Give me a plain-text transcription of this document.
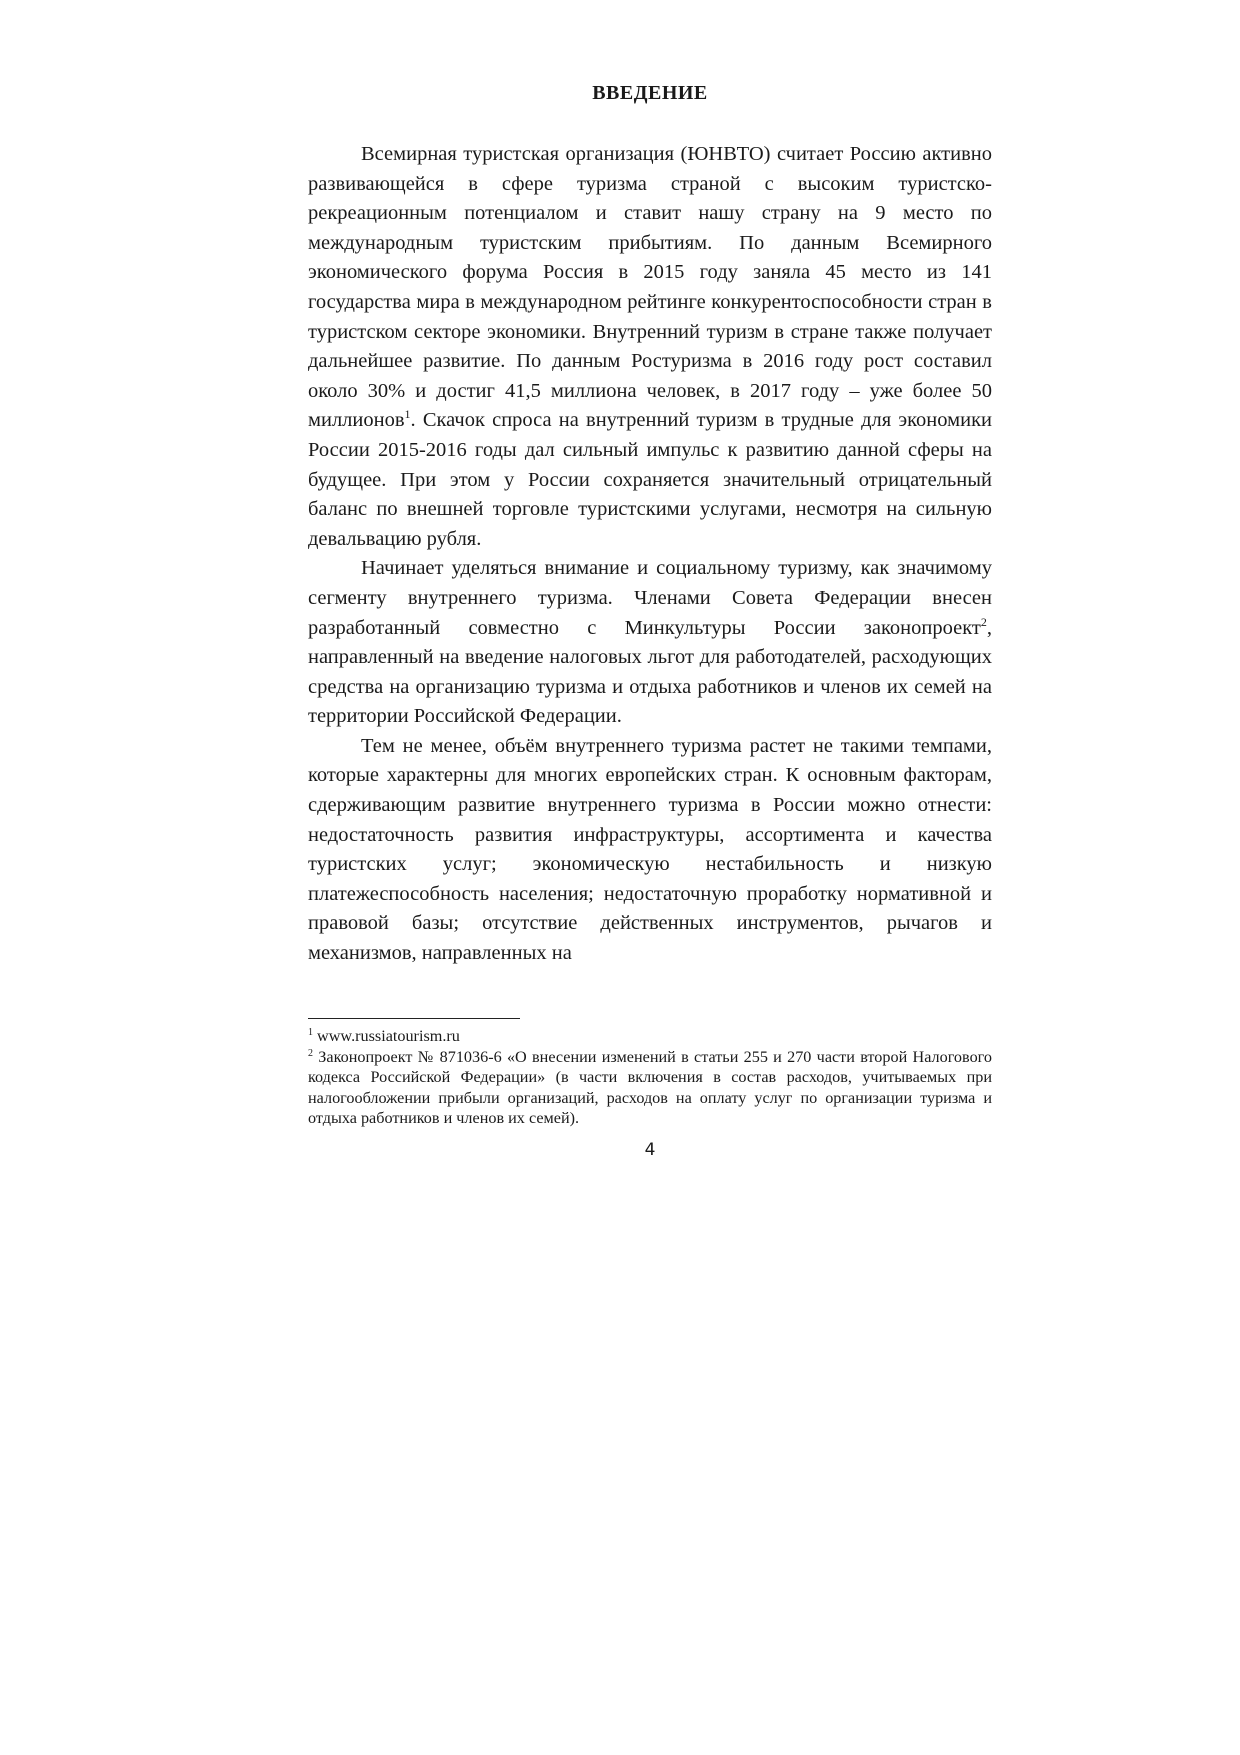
ВВЕДЕНИЕ

Всемирная туристская организация (ЮНВТО) считает Россию активно развивающейся в сфере туризма страной с высоким туристско-рекреационным потенциалом и ставит нашу страну на 9 место по международным туристским прибытиям. По данным Всемирного экономического форума Россия в 2015 году заняла 45 место из 141 государства мира в международном рейтинге конкурентоспособности стран в туристском секторе экономики. Внутренний туризм в стране также получает дальнейшее развитие. По данным Ростуризма в 2016 году рост составил около 30% и достиг 41,5 миллиона человек, в 2017 году – уже более 50 миллионов$^1$. Скачок спроса на внутренний туризм в трудные для экономики России 2015-2016 годы дал сильный импульс к развитию данной сферы на будущее. При этом у России сохраняется значительный отрицательный баланс по внешней торговле туристскими услугами, несмотря на сильную девальвацию рубля.

Начинает уделяться внимание и социальному туризму, как значимому сегменту внутреннего туризма. Членами Совета Федерации внесен разработанный совместно с Минкультуры России законопроект$^2$, направленный на введение налоговых льгот для работодателей, расходующих средства на организацию туризма и отдыха работников и членов их семей на территории Российской Федерации.

Тем не менее, объём внутреннего туризма растет не такими темпами, которые характерны для многих европейских стран. К основным факторам, сдерживающим развитие внутреннего туризма в России можно отнести: недостаточность развития инфраструктуры, ассортимента и качества туристских услуг; экономическую нестабильность и низкую платежеспособность населения; недостаточную проработку нормативной и правовой базы; отсутствие действенных инструментов, рычагов и механизмов, направленных на

$^1$ www.russiatourism.ru

$^2$ Законопроект № 871036-6 «О внесении изменений в статьи 255 и 270 части второй Налогового кодекса Российской Федерации» (в части включения в состав расходов, учитываемых при налогообложении прибыли организаций, расходов на оплату услуг по организации туризма и отдыха работников и членов их семей).

4
